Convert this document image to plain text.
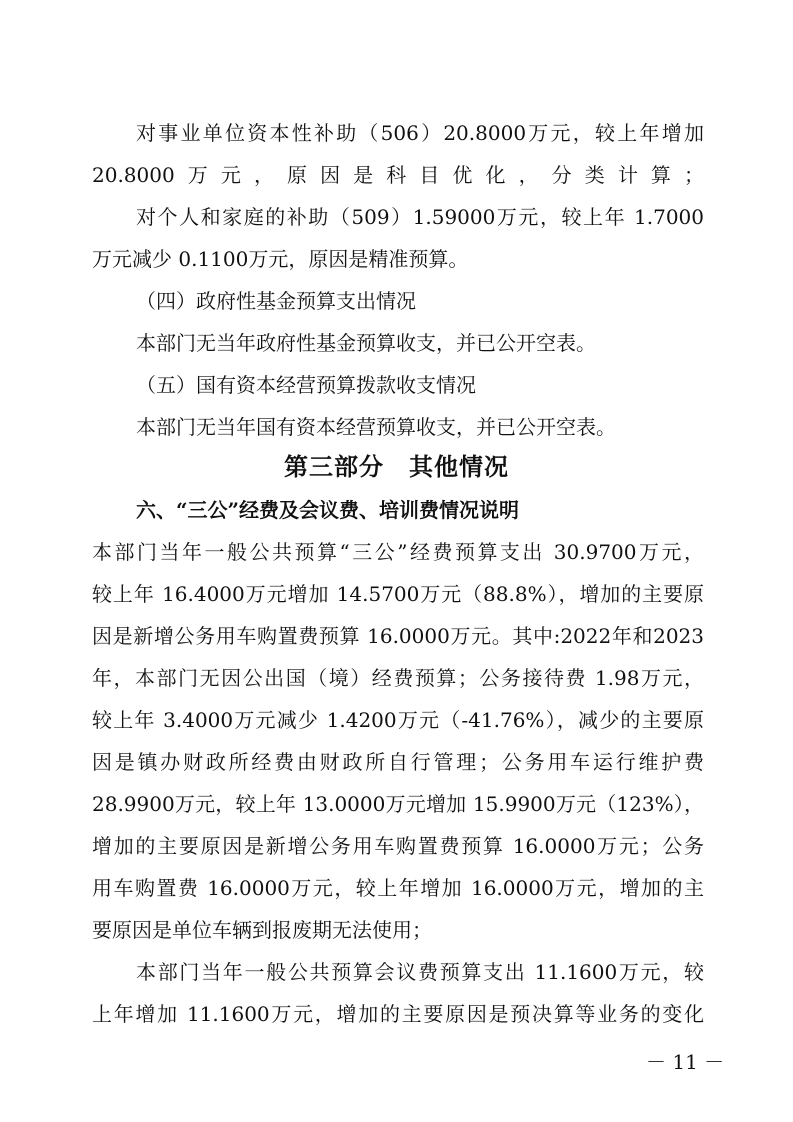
对事业单位资本性补助（506）20.8000万元，较上年增加
20.8000万元，原因是科目优化，分类计算；
对个人和家庭的补助（509）1.59000万元，较上年 1.7000
万元减少 0.1100万元，原因是精准预算。
（四）政府性基金预算支出情况
本部门无当年政府性基金预算收支，并已公开空表。
（五）国有资本经营预算拨款收支情况
本部门无当年国有资本经营预算收支，并已公开空表。
第三部分　其他情况
六、“三公”经费及会议费、培训费情况说明
本部门当年一般公共预算“三公”经费预算支出 30.9700万元，
较上年 16.4000万元增加 14.5700万元（88.8%），增加的主要原
因是新增公务用车购置费预算 16.0000万元。其中:2022年和2023
年，本部门无因公出国（境）经费预算；公务接待费 1.98万元，
较上年 3.4000万元减少 1.4200万元（-41.76%），减少的主要原
因是镇办财政所经费由财政所自行管理；公务用车运行维护费
28.9900万元，较上年 13.0000万元增加 15.9900万元（123%），
增加的主要原因是新增公务用车购置费预算 16.0000万元；公务
用车购置费 16.0000万元，较上年增加 16.0000万元，增加的主
要原因是单位车辆到报废期无法使用；
本部门当年一般公共预算会议费预算支出 11.1600万元，较
上年增加 11.1600万元，增加的主要原因是预决算等业务的变化
－ 11 －
